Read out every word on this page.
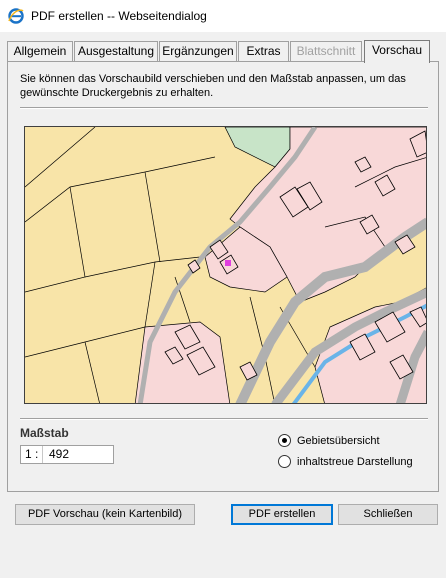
PDF erstellen -- Webseitendialog
Allgemein Ausgestaltung Ergänzungen	Extras	Blattschnitt	Vorschau
Sie können das Vorschaubild verschieben und den Maßstab anpassen, um das gewünschte Druckergebnis zu erhalten.
Maßstab
1 : 492
Gebietsübersicht
inhaltstreue Darstellung
PDF Vorschau (kein Kartenbild)	PDF erstellen	Schließen
